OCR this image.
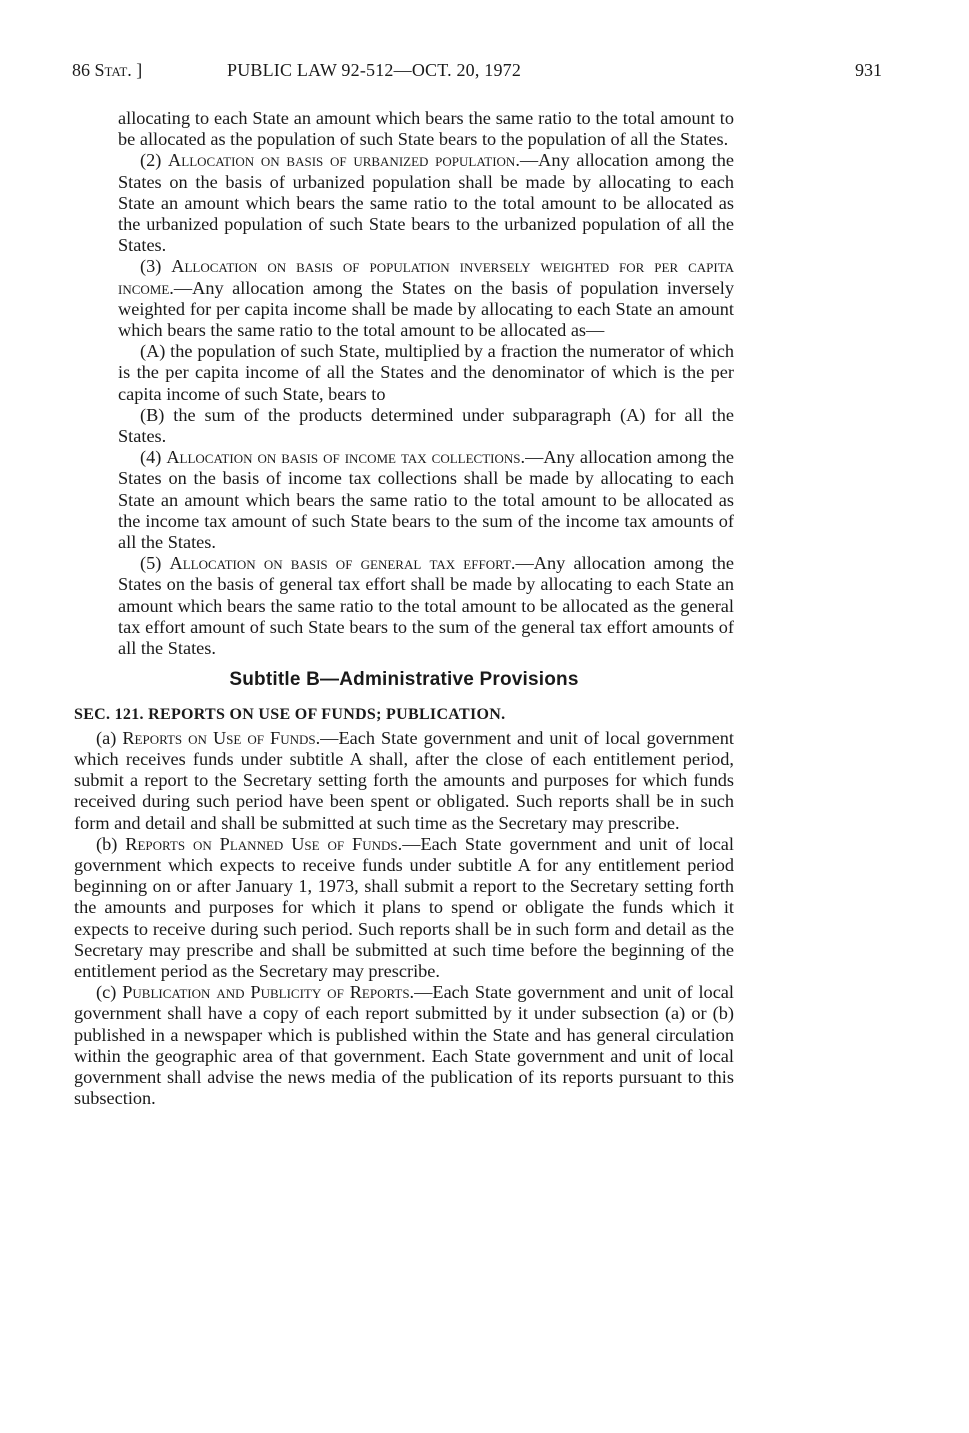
86 Stat. ]	PUBLIC LAW 92-512—OCT. 20, 1972	931

allocating to each State an amount which bears the same ratio to the total amount to be allocated as the population of such State bears to the population of all the States.

(2) Allocation on basis of urbanized population.—Any allocation among the States on the basis of urbanized population shall be made by allocating to each State an amount which bears the same ratio to the total amount to be allocated as the urbanized population of such State bears to the urbanized population of all the States.

(3) Allocation on basis of population inversely weighted for per capita income.—Any allocation among the States on the basis of population inversely weighted for per capita income shall be made by allocating to each State an amount which bears the same ratio to the total amount to be allocated as—

(A) the population of such State, multiplied by a fraction the numerator of which is the per capita income of all the States and the denominator of which is the per capita income of such State, bears to

(B) the sum of the products determined under subparagraph (A) for all the States.

(4) Allocation on basis of income tax collections.—Any allocation among the States on the basis of income tax collections shall be made by allocating to each State an amount which bears the same ratio to the total amount to be allocated as the income tax amount of such State bears to the sum of the income tax amounts of all the States.

(5) Allocation on basis of general tax effort.—Any allocation among the States on the basis of general tax effort shall be made by allocating to each State an amount which bears the same ratio to the total amount to be allocated as the general tax effort amount of such State bears to the sum of the general tax effort amounts of all the States.

Subtitle B—Administrative Provisions
SEC. 121. REPORTS ON USE OF FUNDS; PUBLICATION.

(a) Reports on Use of Funds.—Each State government and unit of local government which receives funds under subtitle A shall, after the close of each entitlement period, submit a report to the Secretary setting forth the amounts and purposes for which funds received during such period have been spent or obligated. Such reports shall be in such form and detail and shall be submitted at such time as the Secretary may prescribe.

(b) Reports on Planned Use of Funds.—Each State government and unit of local government which expects to receive funds under subtitle A for any entitlement period beginning on or after January 1, 1973, shall submit a report to the Secretary setting forth the amounts and purposes for which it plans to spend or obligate the funds which it expects to receive during such period. Such reports shall be in such form and detail as the Secretary may prescribe and shall be submitted at such time before the beginning of the entitlement period as the Secretary may prescribe.

(c) Publication and Publicity of Reports.—Each State government and unit of local government shall have a copy of each report submitted by it under subsection (a) or (b) published in a newspaper which is published within the State and has general circulation within the geographic area of that government. Each State government and unit of local government shall advise the news media of the publication of its reports pursuant to this subsection.
